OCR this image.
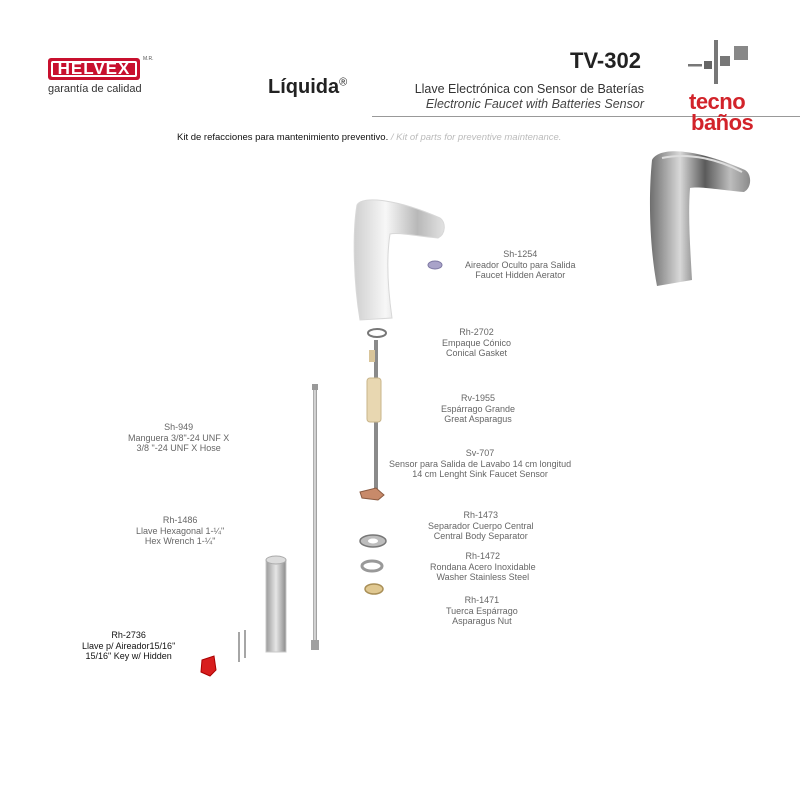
HELVEX	M.R.
garantía de calidad	Líquida®
TV-302
Llave Electrónica con Sensor de Baterías
Electronic Faucet with Batteries Sensor tecno
baños
Kit de refacciones para mantenimiento preventivo. / Kit of parts for preventive maintenance.
Sh-1254
Aireador Oculto para Salida
Faucet Hidden Aerator
Rh-2702
Empaque Cónico
Conical Gasket
Rv-1955
Espárrago Grande
Great Asparagus
Sv-707
Sensor para Salida de Lavabo 14 cm longitud
14 cm Lenght Sink Faucet Sensor
Rh-1473
Separador Cuerpo Central
Central Body Separator
Rh-1472
Rondana Acero Inoxidable
Washer Stainless Steel
Rh-1471
Tuerca Espárrago
Asparagus Nut
Sh-949
Manguera 3/8"-24 UNF X
3/8 "-24 UNF X Hose
Rh-1486
Llave Hexagonal 1-¼"
Hex Wrench 1-¼"
Rh-2736
Llave p/ Aireador15/16"
15/16" Key w/ Hidden
